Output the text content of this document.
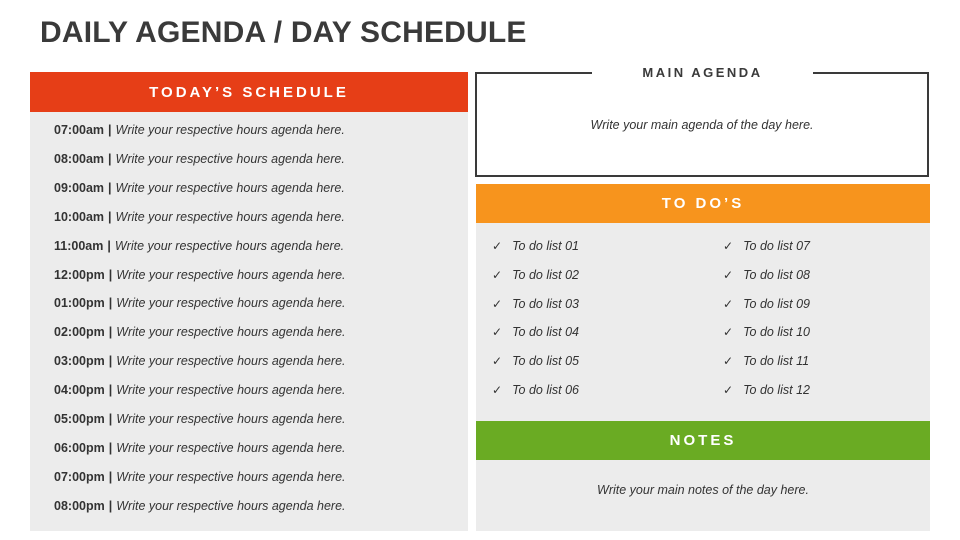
DAILY AGENDA / DAY SCHEDULE
TODAY’S SCHEDULE
07:00am | Write your respective hours agenda here.
08:00am | Write your respective hours agenda here.
09:00am | Write your respective hours agenda here.
10:00am | Write your respective hours agenda here.
11:00am | Write your respective hours agenda here.
12:00pm | Write your respective hours agenda here.
01:00pm | Write your respective hours agenda here.
02:00pm | Write your respective hours agenda here.
03:00pm | Write your respective hours agenda here.
04:00pm | Write your respective hours agenda here.
05:00pm | Write your respective hours agenda here.
06:00pm | Write your respective hours agenda here.
07:00pm | Write your respective hours agenda here.
08:00pm | Write your respective hours agenda here.
MAIN AGENDA
Write your main agenda of the day here.
TO DO’S
✓ To do list 01
✓ To do list 02
✓ To do list 03
✓ To do list 04
✓ To do list 05
✓ To do list 06
✓ To do list 07
✓ To do list 08
✓ To do list 09
✓ To do list 10
✓ To do list 11
✓ To do list 12
NOTES
Write your main notes of the day here.
